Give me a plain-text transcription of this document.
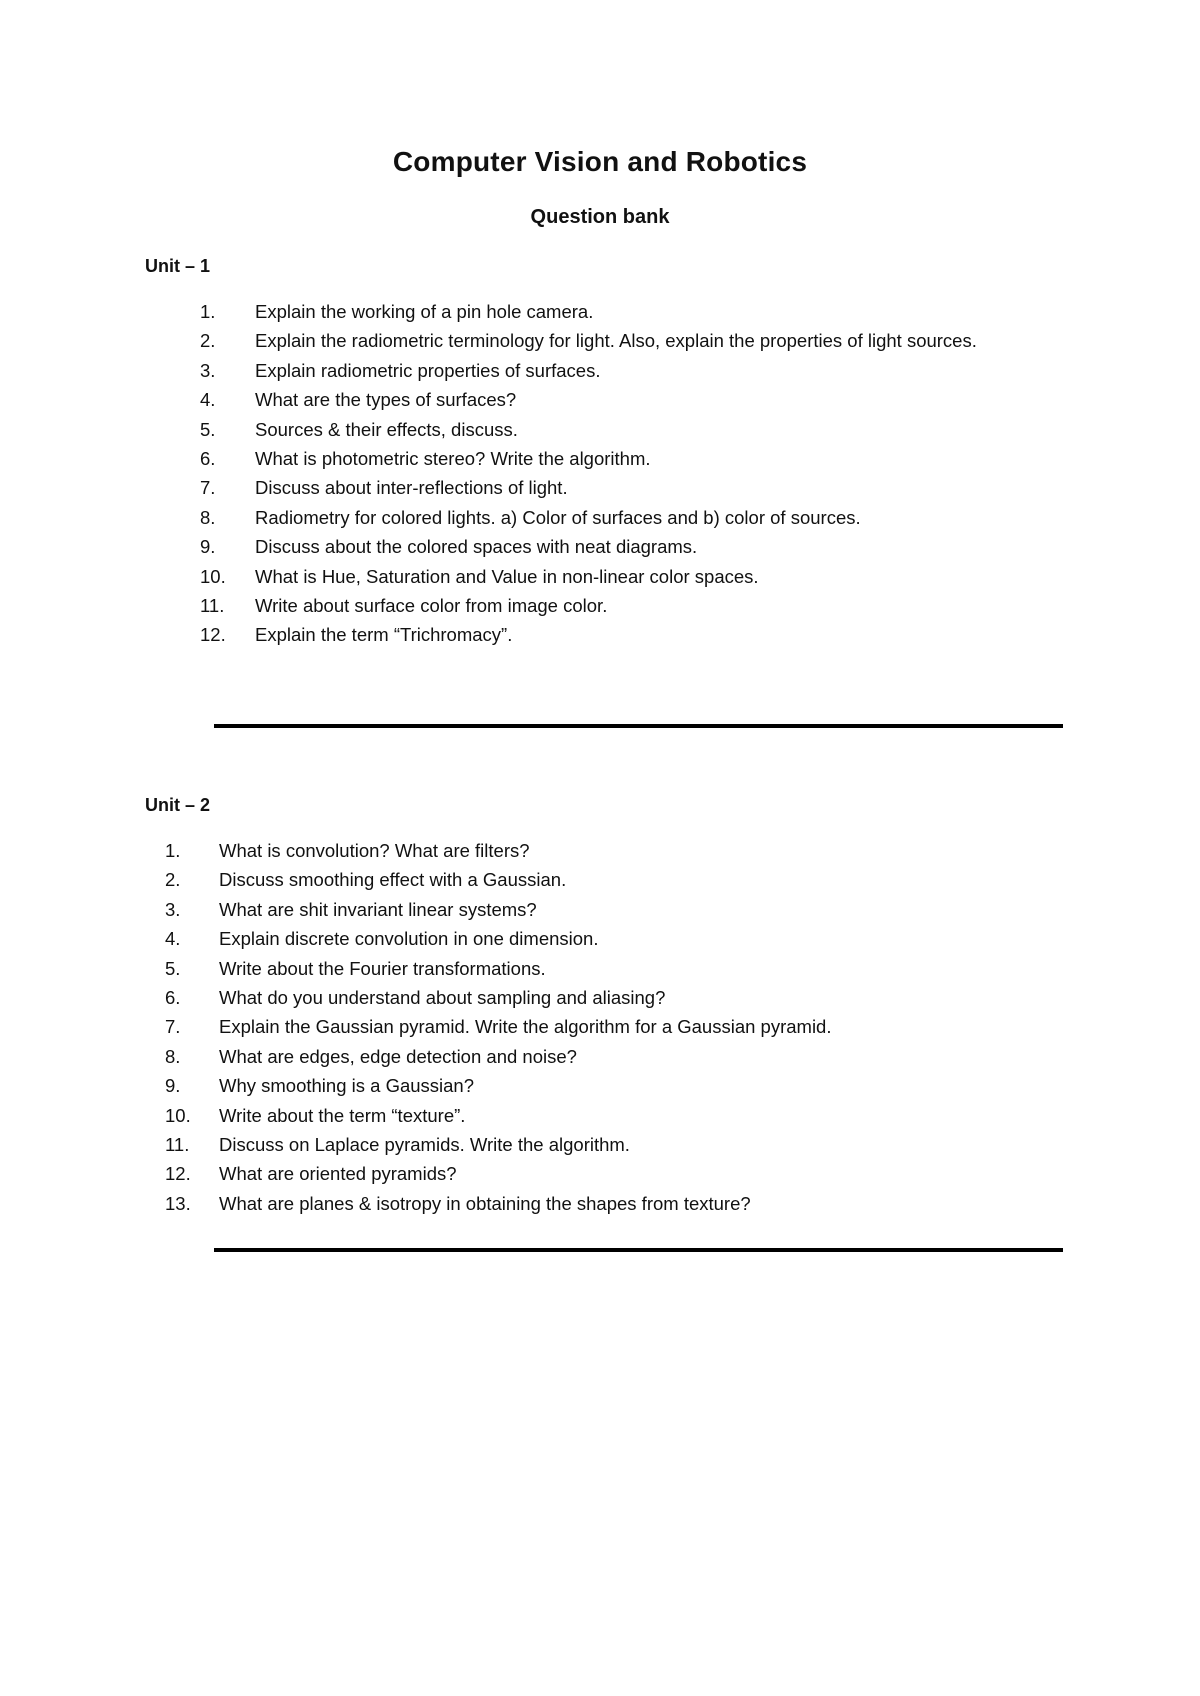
Computer Vision and Robotics
Question bank
Unit – 1
1. Explain the working of a pin hole camera.
2. Explain the radiometric terminology for light. Also, explain the properties of light sources.
3. Explain radiometric properties of surfaces.
4. What are the types of surfaces?
5. Sources & their effects, discuss.
6. What is photometric stereo? Write the algorithm.
7. Discuss about inter-reflections of light.
8. Radiometry for colored lights. a) Color of surfaces and b) color of sources.
9. Discuss about the colored spaces with neat diagrams.
10. What is Hue, Saturation and Value in non-linear color spaces.
11. Write about surface color from image color.
12. Explain the term “Trichromacy”.
Unit – 2
1. What is convolution? What are filters?
2. Discuss smoothing effect with a Gaussian.
3. What are shit invariant linear systems?
4. Explain discrete convolution in one dimension.
5. Write about the Fourier transformations.
6. What do you understand about sampling and aliasing?
7. Explain the Gaussian pyramid. Write the algorithm for a Gaussian pyramid.
8. What are edges, edge detection and noise?
9. Why smoothing is a Gaussian?
10. Write about the term “texture”.
11. Discuss on Laplace pyramids. Write the algorithm.
12. What are oriented pyramids?
13. What are planes & isotropy in obtaining the shapes from texture?
